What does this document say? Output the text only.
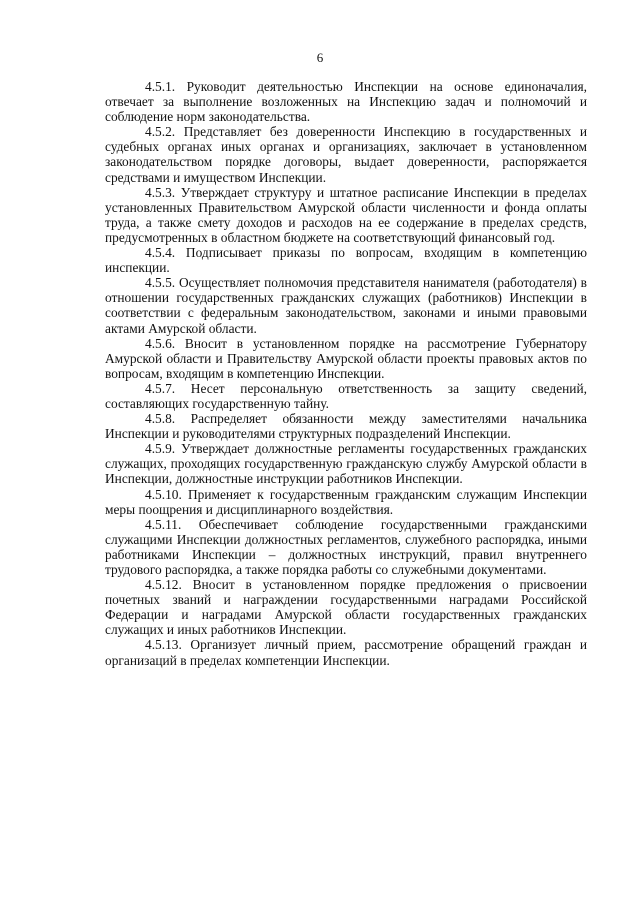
6

4.5.1. Руководит деятельностью Инспекции на основе единоначалия, отвечает за выполнение возложенных на Инспекцию задач и полномочий и соблюдение норм законодательства.

4.5.2. Представляет без доверенности Инспекцию в государственных и судебных органах иных органах и организациях, заключает в установленном законодательством порядке договоры, выдает доверенности, распоряжается средствами и имуществом Инспекции.

4.5.3. Утверждает структуру и штатное расписание Инспекции в пределах установленных Правительством Амурской области численности и фонда оплаты труда, а также смету доходов и расходов на ее содержание в пределах средств, предусмотренных в областном бюджете на соответствующий финансовый год.

4.5.4. Подписывает приказы по вопросам, входящим в компетенцию инспекции.

4.5.5. Осуществляет полномочия представителя нанимателя (работодателя) в отношении государственных гражданских служащих (работников) Инспекции в соответствии с федеральным законодательством, законами и иными правовыми актами Амурской области.

4.5.6. Вносит в установленном порядке на рассмотрение Губернатору Амурской области и Правительству Амурской области проекты правовых актов по вопросам, входящим в компетенцию Инспекции.

4.5.7. Несет персональную ответственность за защиту сведений, составляющих государственную тайну.

4.5.8. Распределяет обязанности между заместителями начальника Инспекции и руководителями структурных подразделений Инспекции.

4.5.9. Утверждает должностные регламенты государственных гражданских служащих, проходящих государственную гражданскую службу Амурской области в Инспекции, должностные инструкции работников Инспекции.

4.5.10. Применяет к государственным гражданским служащим Инспекции меры поощрения и дисциплинарного воздействия.

4.5.11. Обеспечивает соблюдение государственными гражданскими служащими Инспекции должностных регламентов, служебного распорядка, иными работниками Инспекции – должностных инструкций, правил внутреннего трудового распорядка, а также порядка работы со служебными документами.

4.5.12. Вносит в установленном порядке предложения о присвоении почетных званий и награждении государственными наградами Российской Федерации и наградами Амурской области государственных гражданских служащих и иных работников Инспекции.

4.5.13. Организует личный прием, рассмотрение обращений граждан и организаций в пределах компетенции Инспекции.
